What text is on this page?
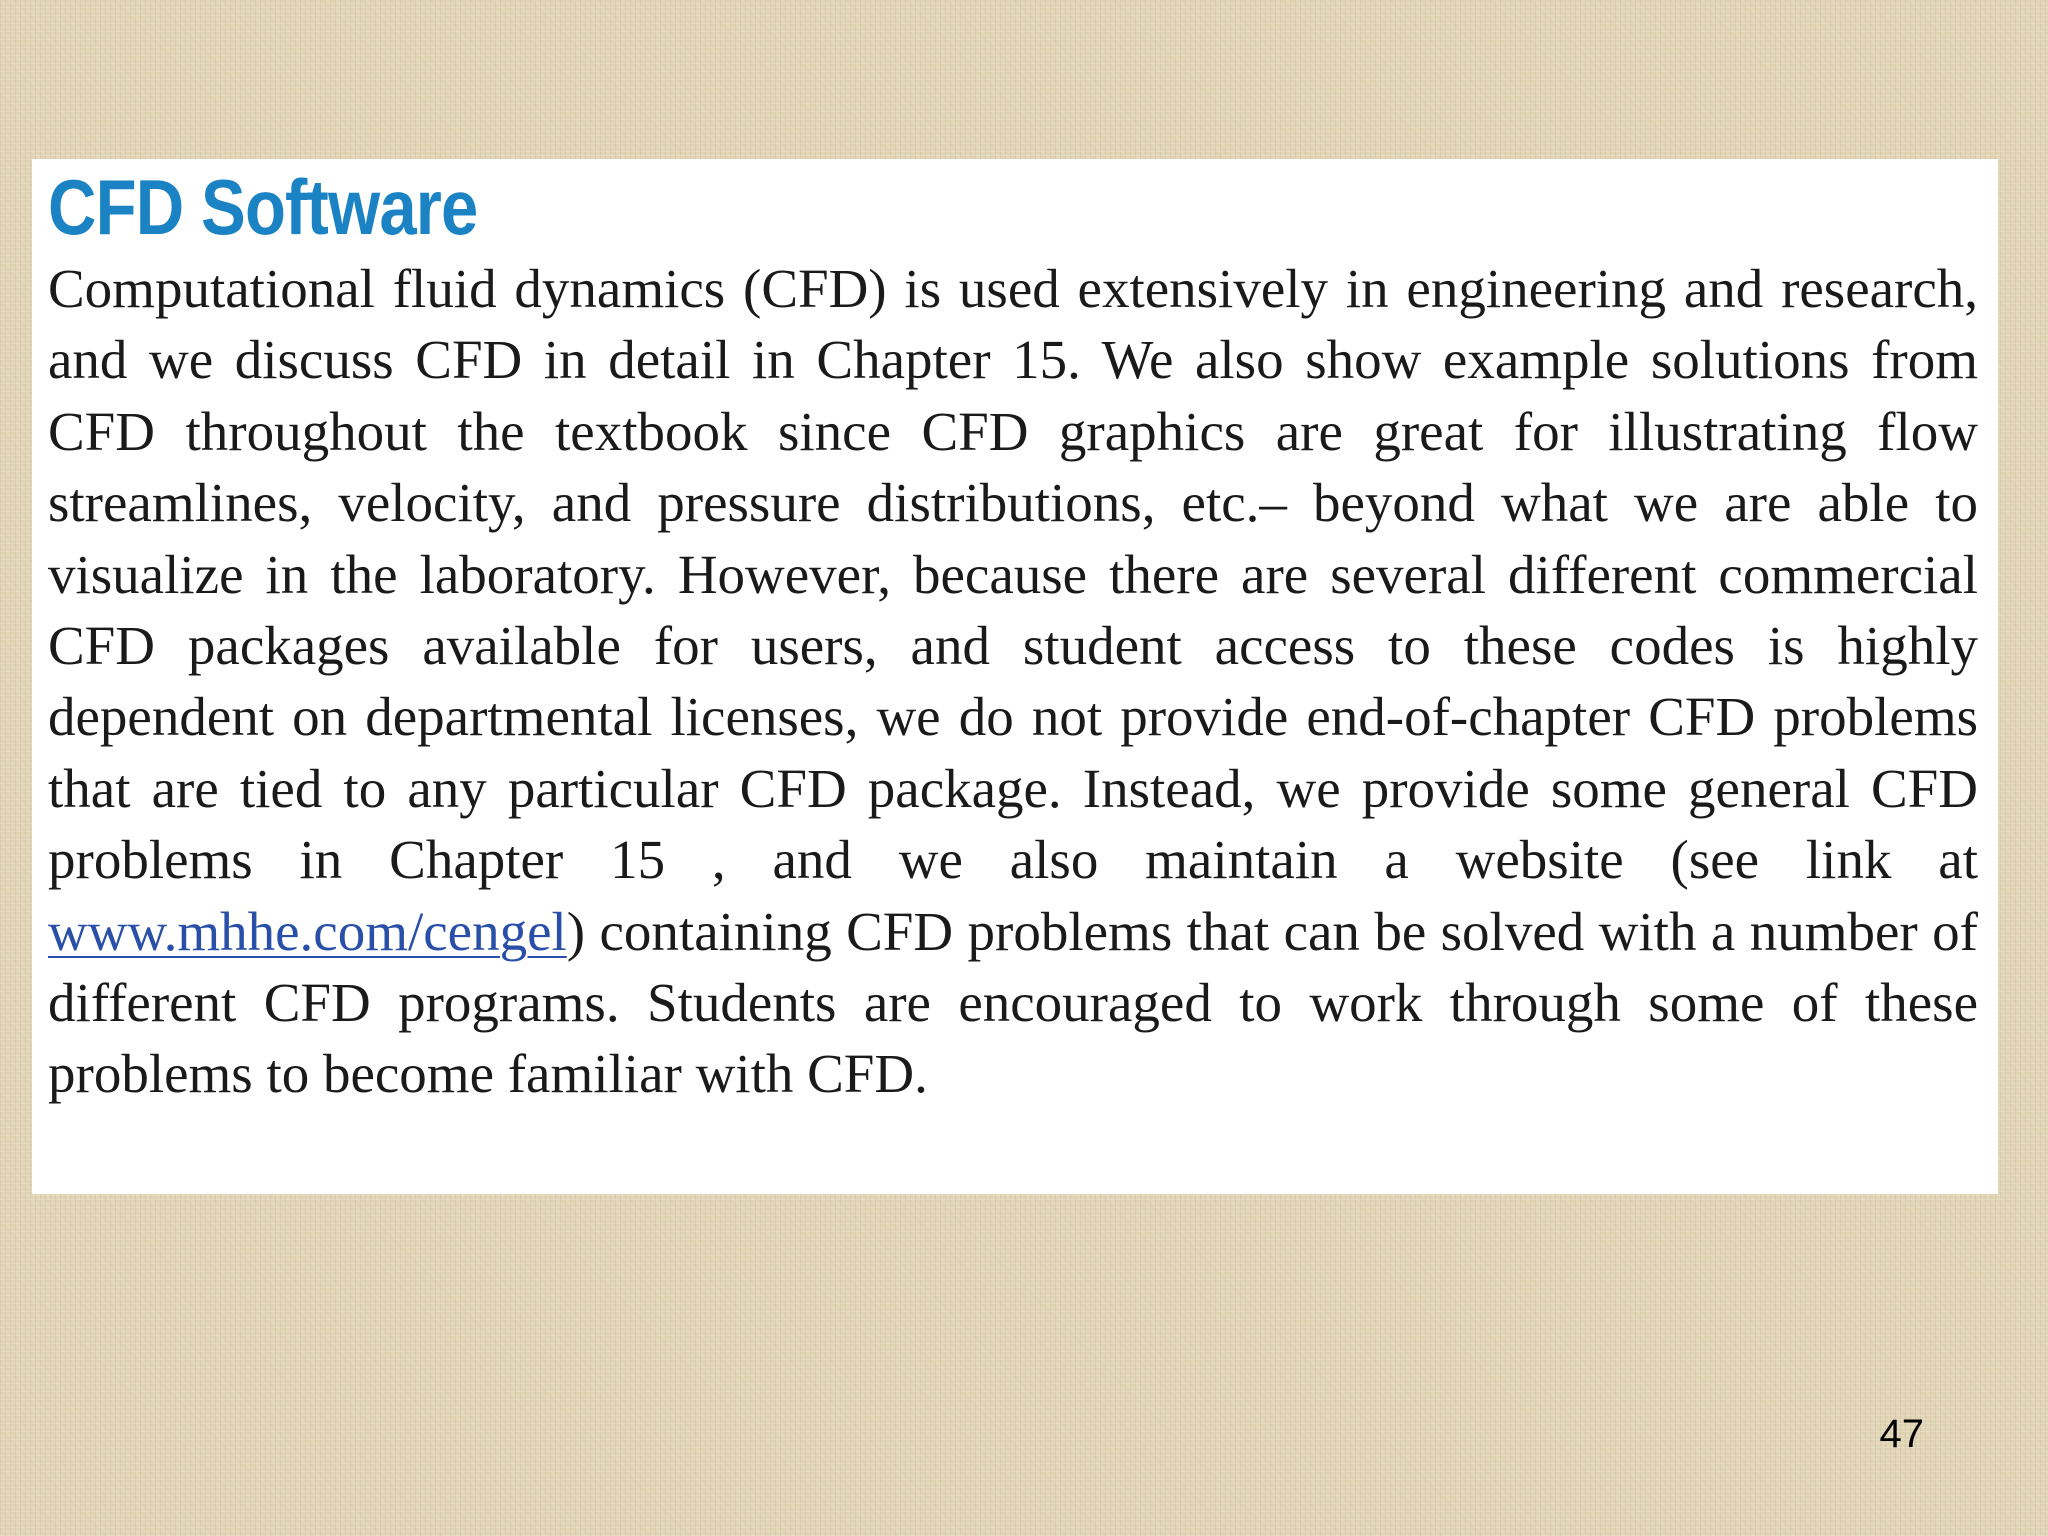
CFD Software

Computational fluid dynamics (CFD) is used extensively in engineering and research, and we discuss CFD in detail in Chapter 15. We also show example solutions from CFD throughout the textbook since CFD graphics are great for illustrating flow streamlines, velocity, and pressure distributions, etc.– beyond what we are able to visualize in the laboratory. However, because there are several different commercial CFD packages available for users, and student access to these codes is highly dependent on departmental licenses, we do not provide end-of-chapter CFD problems that are tied to any particular CFD package. Instead, we provide some general CFD problems in Chapter 15 , and we also maintain a website (see link at www.mhhe.com/cengel) containing CFD problems that can be solved with a number of different CFD programs. Students are encouraged to work through some of these problems to become familiar with CFD.

47
